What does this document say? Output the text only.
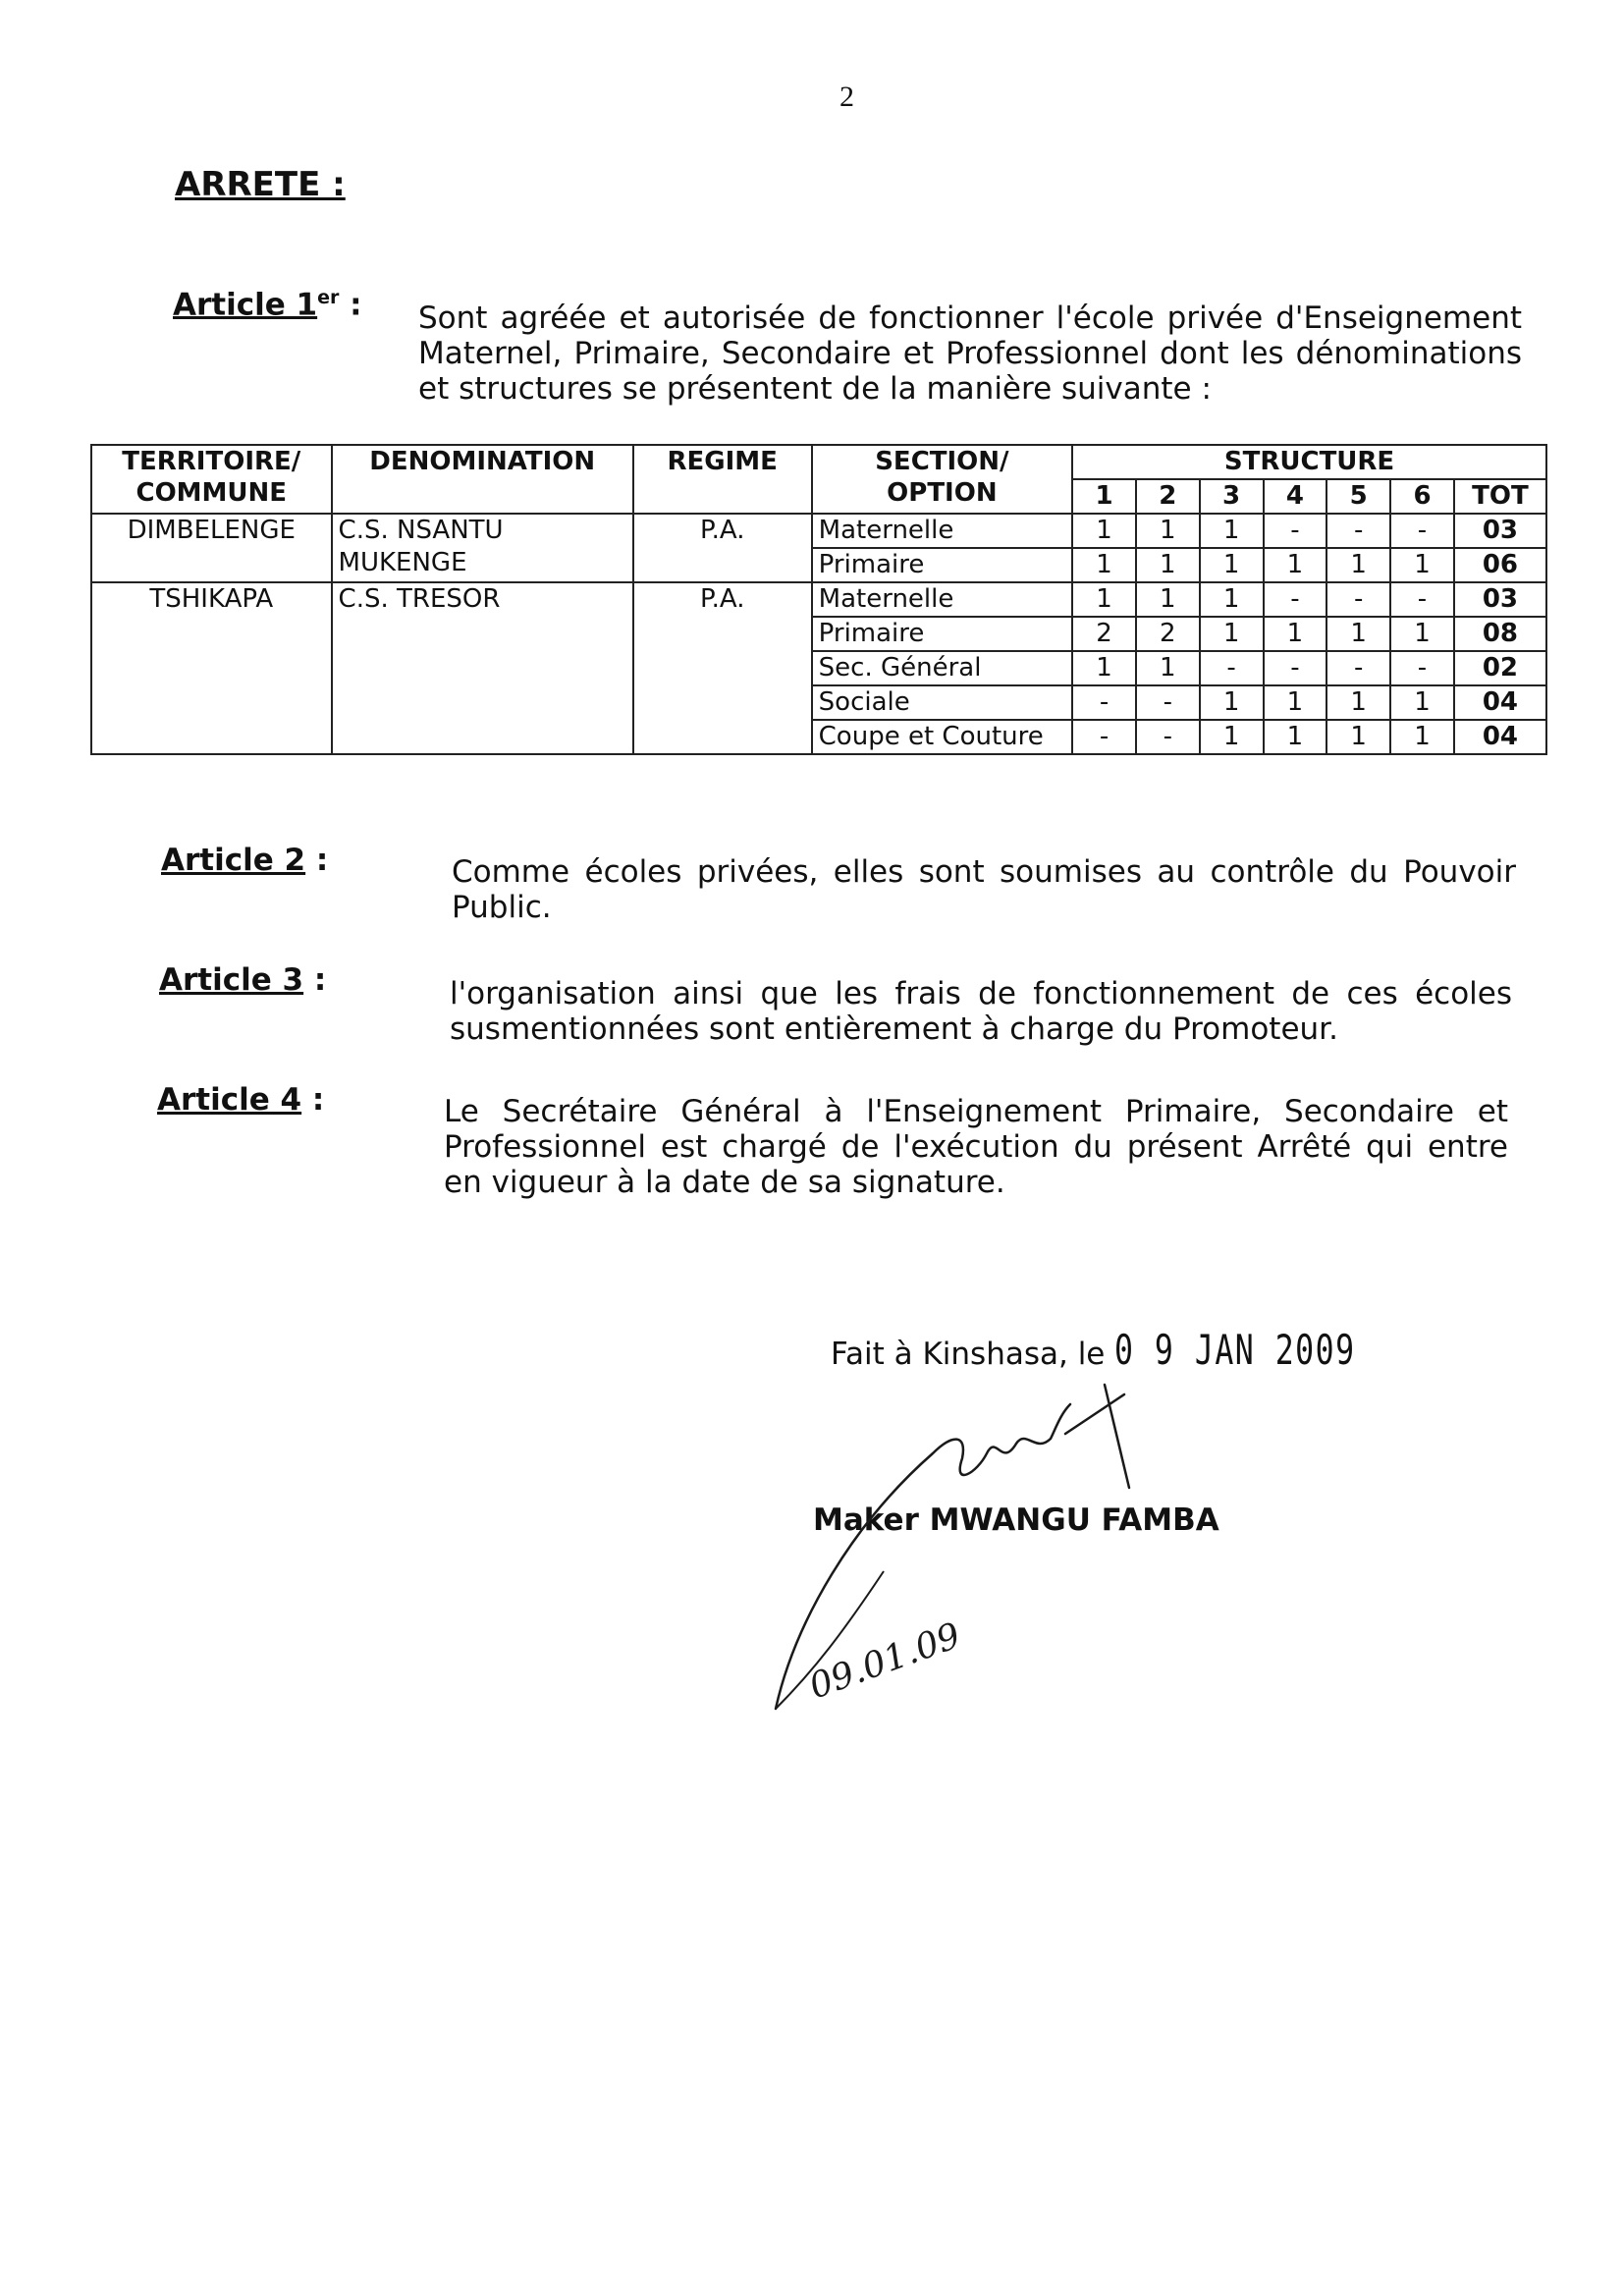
2
ARRETE :
Article 1er : Sont agréée et autorisée de fonctionner l'école privée d'Enseignement Maternel, Primaire, Secondaire et Professionnel dont les dénominations et structures se présentent de la manière suivante :
TERRITOIRE/ COMMUNE	DENOMINATION	REGIME	SECTION/ OPTION	STRUCTURE						
				1	2	3	4	5	6	TOT
DIMBELENGE	C.S. NSANTU MUKENGE	P.A.	Maternelle	1	1	1	-	-	-	03
			Primaire	1	1	1	1	1	1	06
TSHIKAPA	C.S. TRESOR	P.A.	Maternelle	1	1	1	-	-	-	03
			Primaire	2	2	1	1	1	1	08
			Sec. Général	1	1	-	-	-	-	02
			Sociale	-	-	1	1	1	1	04
			Coupe et Couture	-	-	1	1	1	1	04
Article 2 :	Comme écoles privées, elles sont soumises au contrôle du Pouvoir Public.
Article 3 :	l'organisation ainsi que les frais de fonctionnement de ces écoles susmentionnées sont entièrement à charge du Promoteur.
Article 4 :	Le Secrétaire Général à l'Enseignement Primaire, Secondaire et Professionnel est chargé de l'exécution du présent Arrêté qui entre en vigueur à la date de sa signature.
Fait à Kinshasa, le 0 9 JAN 2009
Maker MWANGU FAMBA
09.01.09
